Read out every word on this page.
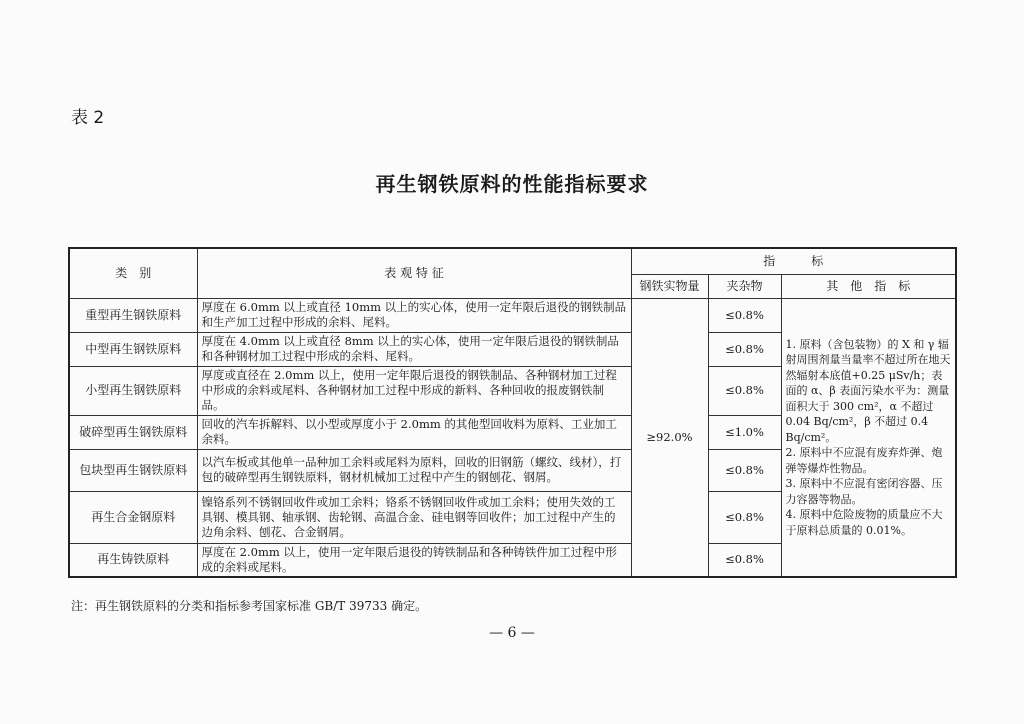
表 2
再生钢铁原料的性能指标要求
类　别	表 观 特 征	指　　　标		
		钢铁实物量	夹杂物	其　他　指　标
重型再生钢铁原料	厚度在 6.0mm 以上或直径 10mm 以上的实心体，使用一定年限后退役的钢铁制品和生产加工过程中形成的余料、尾料。	≥92.0%	≤0.8%	1. 原料（含包装物）的 X 和 γ 辐射周围剂量当量率不超过所在地天然辐射本底值+0.25 μSv/h；表面的 α、β 表面污染水平为：测量面积大于 300 cm²，α 不超过 0.04 Bq/cm²，β 不超过 0.4 Bq/cm²。
2. 原料中不应混有废弃炸弹、炮弹等爆炸性物品。
3. 原料中不应混有密闭容器、压力容器等物品。
4. 原料中危险废物的质量应不大于原料总质量的 0.01%。

中型再生钢铁原料	厚度在 4.0mm 以上或直径 8mm 以上的实心体，使用一定年限后退役的钢铁制品和各种钢材加工过程中形成的余料、尾料。		≤0.8%	
小型再生钢铁原料	厚度或直径在 2.0mm 以上，使用一定年限后退役的钢铁制品、各种钢材加工过程中形成的余料或尾料、各种钢材加工过程中形成的新料、各种回收的报废钢铁制品。		≤0.8%	
破碎型再生钢铁原料	回收的汽车拆解料、以小型或厚度小于 2.0mm 的其他型回收料为原料、工业加工余料。		≤1.0%	
包块型再生钢铁原料	以汽车板或其他单一品种加工余料或尾料为原料，回收的旧钢筋（螺纹、线材），打包的破碎型再生钢铁原料，钢材机械加工过程中产生的钢刨花、钢屑。		≤0.8%	
再生合金钢原料	镍铬系列不锈钢回收件或加工余料；铬系不锈钢回收件或加工余料；使用失效的工具钢、模具钢、轴承钢、齿轮钢、高温合金、硅电钢等回收件；加工过程中产生的边角余料、刨花、合金钢屑。		≤0.8%	
再生铸铁原料	厚度在 2.0mm 以上，使用一定年限后退役的铸铁制品和各种铸铁件加工过程中形成的余料或尾料。		≤0.8%	
注：再生钢铁原料的分类和指标参考国家标准 GB/T 39733 确定。
— 6 —
